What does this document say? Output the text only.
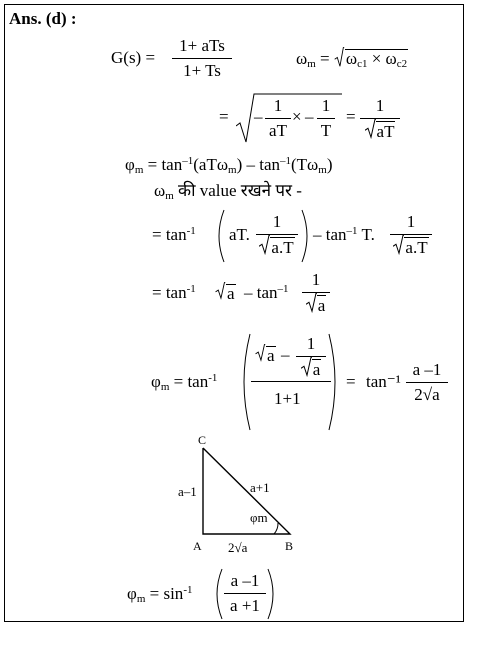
Ans. (d) :
G(s) =
1+ aTs
1+ Ts
$\omega_m$ =
$\omega_{c1} \times \omega_{c2}$
= –
1
aT
× –
1
T
=
1
aT
$\varphi_m = \tan^{-1}(aT\omega_m) - \tan^{-1}(T\omega_m)$
$\omega_m$ की value रखने पर -
= $\tan^{-1}$ aT.
1
a.T
– $\tan^{-1} T$.
1
a.T
= $\tan^{-1}$	a – $\tan^{-1}$	1
a
$\varphi_m = \tan^{-1}$
a –
1
a
1+1
= tan⁻¹
a –1
2√a
C
A	B
a–1	a+1
2√a
φm
$\varphi_m = \sin^{-1}$	a –1
a +1
